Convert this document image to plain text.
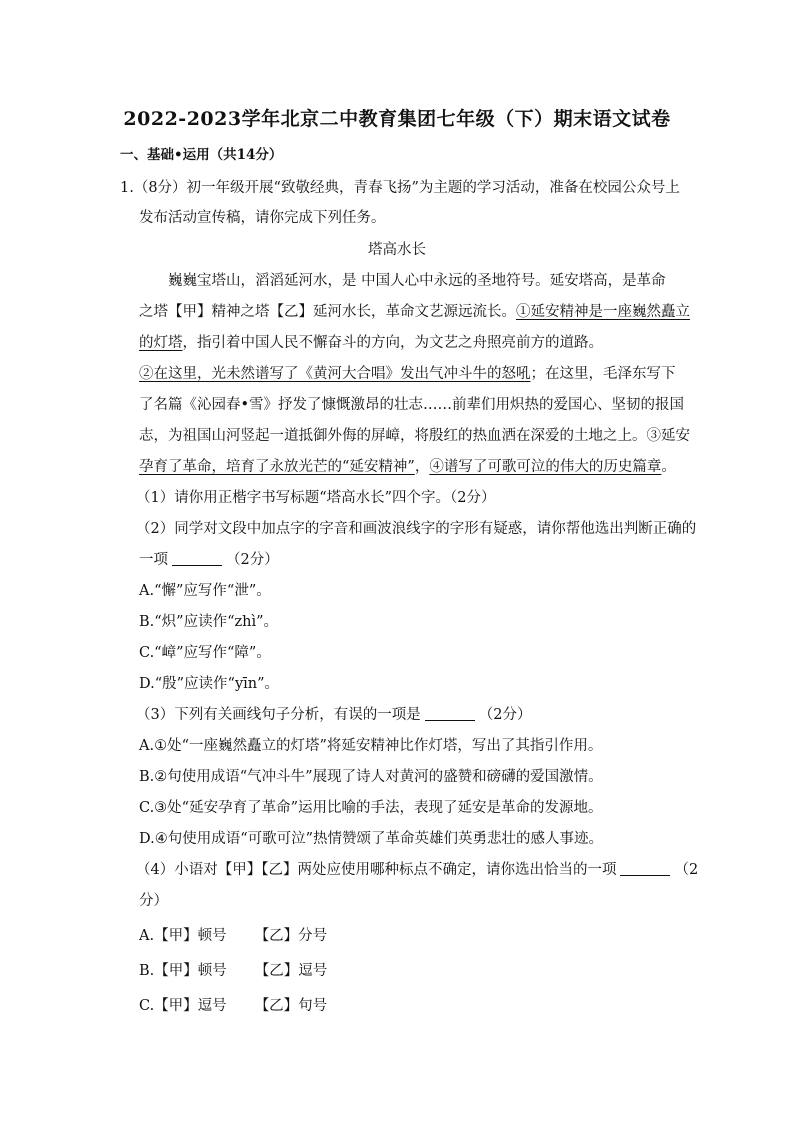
2022-2023学年北京二中教育集团七年级（下）期末语文试卷
一、基础•运用（共14分）
1.（8分）初一年级开展“致敬经典，青春飞扬”为主题的学习活动，准备在校园公众号上
发布活动宣传稿，请你完成下列任务。
塔高水长
巍巍宝塔山，滔滔延河水，是 中国人心中永远的圣地符号。延安塔高，是革命
之塔【甲】精神之塔【乙】延河水长，革命文艺源远流长。①延安精神是一座巍然矗立
的灯塔，指引着中国人民不懈奋斗的方向，为文艺之舟照亮前方的道路。
②在这里，光未然谱写了《黄河大合唱》发出气冲斗牛的怒吼；在这里，毛泽东写下
了名篇《沁园春•雪》抒发了慷慨激昂的壮志……前辈们用炽热的爱国心、坚韧的报国
志，为祖国山河竖起一道抵御外侮的屏嶂，将殷红的热血洒在深爱的土地之上。③延安
孕育了革命，培育了永放光芒的“延安精神”，④谱写了可歌可泣的伟大的历史篇章。
（1）请你用正楷字书写标题“塔高水长”四个字。（2分）
（2）同学对文段中加点字的字音和画波浪线字的字形有疑惑，请你帮他选出判断正确的
一项	（2分）
A.“懈”应写作“泄”。
B.“炽”应读作“zhì”。
C.“嶂”应写作“障”。
D.“殷”应读作“yīn”。
（3）下列有关画线句子分析，有误的一项是	（2分）
A.①处“一座巍然矗立的灯塔”将延安精神比作灯塔，写出了其指引作用。
B.②句使用成语“气冲斗牛”展现了诗人对黄河的盛赞和磅礴的爱国激情。
C.③处“延安孕育了革命”运用比喻的手法，表现了延安是革命的发源地。
D.④句使用成语“可歌可泣”热情赞颂了革命英雄们英勇悲壮的感人事迹。
（4）小语对【甲】【乙】两处应使用哪种标点不确定，请你选出恰当的一项	（2
分）
A.【甲】顿号 【乙】分号
B.【甲】顿号 【乙】逗号
C.【甲】逗号 【乙】句号
